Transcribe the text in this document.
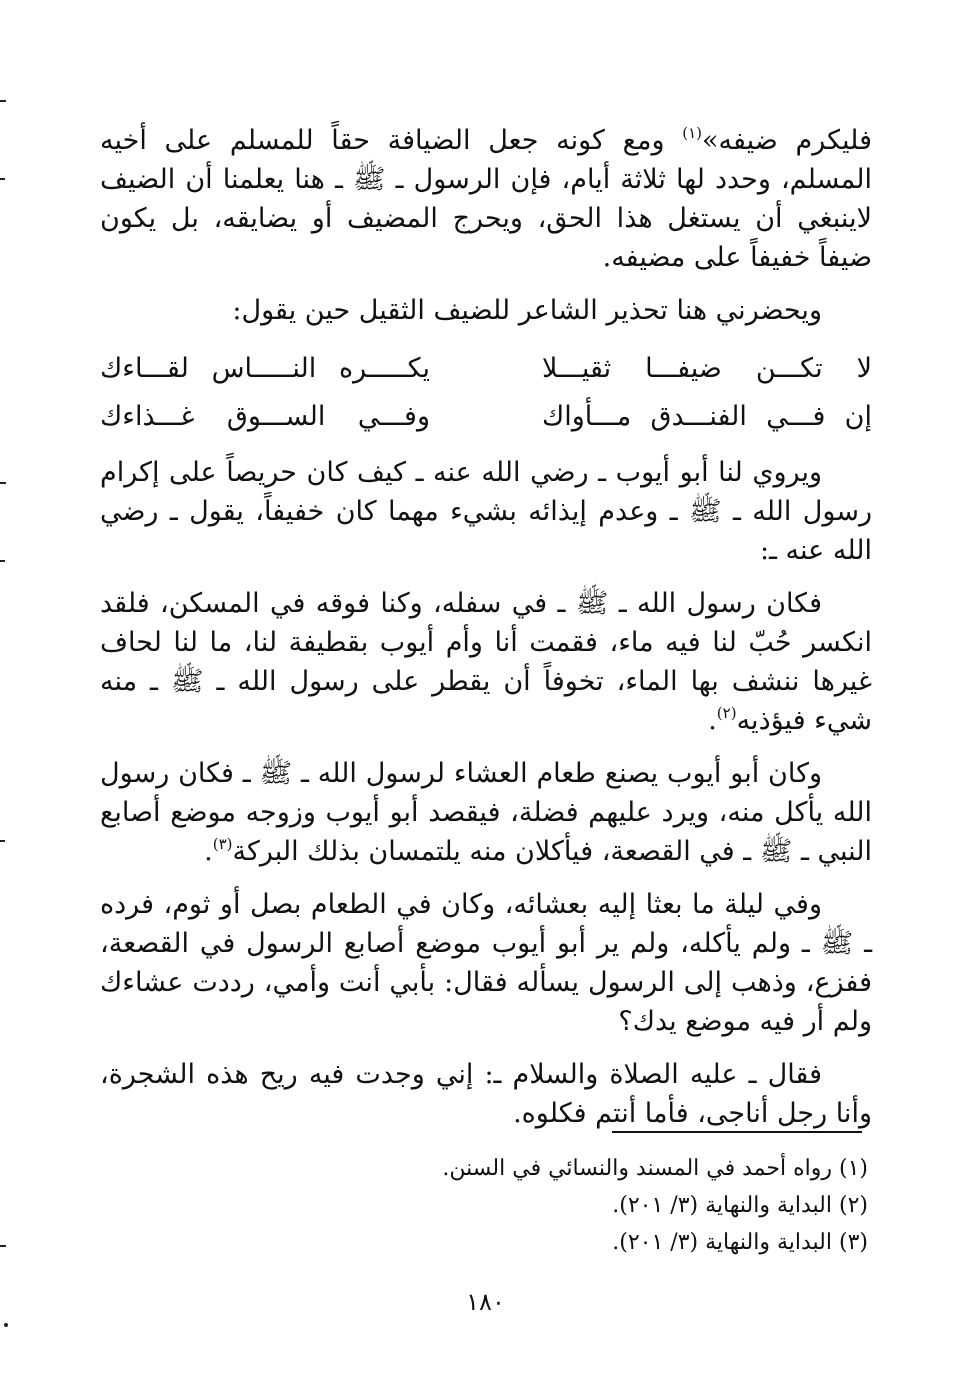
فليكرم ضيفه»$^{(١)}$ ومع كونه جعل الضيافة حقاً للمسلم على أخيه المسلم، وحدد لها ثلاثة أيام، فإن الرسول ـ ﷺ ـ هنا يعلمنا أن الضيف لاينبغي أن يستغل هذا الحق، ويحرج المضيف أو يضايقه، بل يكون ضيفاً خفيفاً على مضيفه.

ويحضرني هنا تحذير الشاعر للضيف الثقيل حين يقول:

لا تكـــن ضيفـــا ثقيـــلا
يكـــــره النـــــاس لقـــاءك
إن فـــي الفنـــدق مـــأواك
وفـــي الســـوق غـــذاءك

ويروي لنا أبو أيوب ـ رضي الله عنه ـ كيف كان حريصاً على إكرام رسول الله ـ ﷺ ـ وعدم إيذائه بشيء مهما كان خفيفاً، يقول ـ رضي الله عنه ـ:

فكان رسول الله ـ ﷺ ـ في سفله، وكنا فوقه في المسكن، فلقد انكسر حُبّ لنا فيه ماء، فقمت أنا وأم أيوب بقطيفة لنا، ما لنا لحاف غيرها ننشف بها الماء، تخوفاً أن يقطر على رسول الله ـ ﷺ ـ منه شيء فيؤذيه$^{(٢)}$.

وكان أبو أيوب يصنع طعام العشاء لرسول الله ـ ﷺ ـ فكان رسول الله يأكل منه، ويرد عليهم فضلة، فيقصد أبو أيوب وزوجه موضع أصابع النبي ـ ﷺ ـ في القصعة، فيأكلان منه يلتمسان بذلك البركة$^{(٣)}$.

وفي ليلة ما بعثا إليه بعشائه، وكان في الطعام بصل أو ثوم، فرده ـ ﷺ ـ ولم يأكله، ولم ير أبو أيوب موضع أصابع الرسول في القصعة، ففزع، وذهب إلى الرسول يسأله فقال: بأبي أنت وأمي، رددت عشاءك ولم أر فيه موضع يدك؟

فقال ـ عليه الصلاة والسلام ـ: إني وجدت فيه ريح هذه الشجرة، وأنا رجل أناجى، فأما أنتم فكلوه.

(١) رواه أحمد في المسند والنسائي في السنن.
(٢) البداية والنهاية (٣/ ٢٠١).
(٣) البداية والنهاية (٣/ ٢٠١).
١٨٠
